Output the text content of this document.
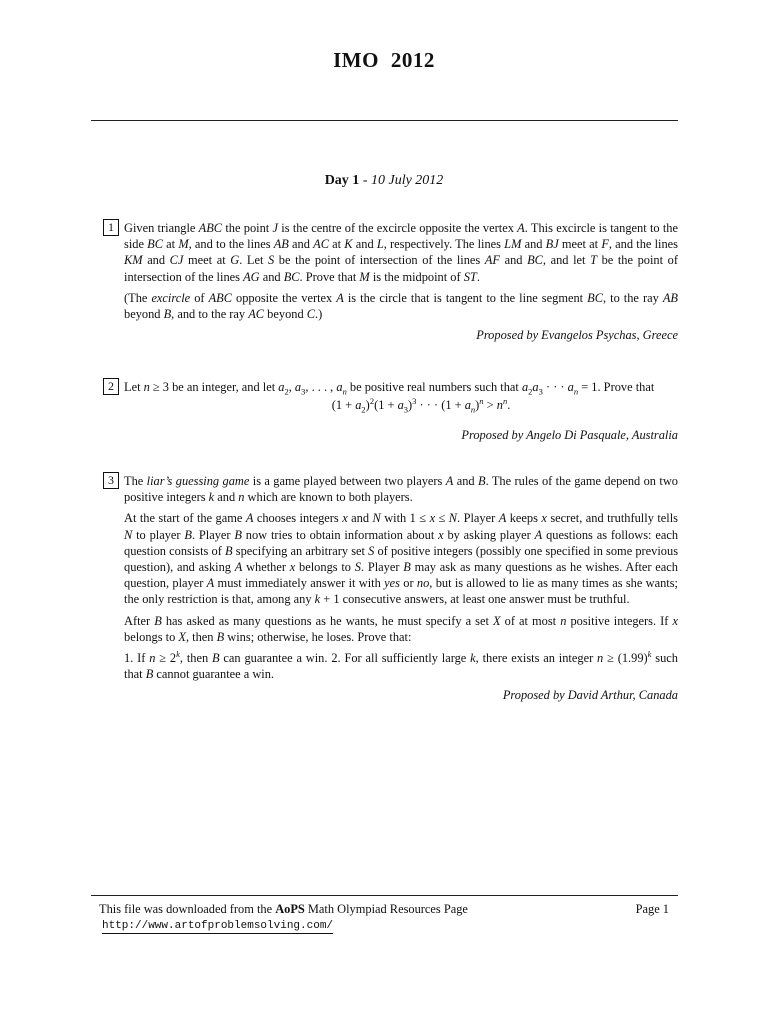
IMO 2012
Day 1 - 10 July 2012
1 Given triangle ABC the point J is the centre of the excircle opposite the vertex A. This excircle is tangent to the side BC at M, and to the lines AB and AC at K and L, respectively. The lines LM and BJ meet at F, and the lines KM and CJ meet at G. Let S be the point of intersection of the lines AF and BC, and let T be the point of intersection of the lines AG and BC. Prove that M is the midpoint of ST.

(The excircle of ABC opposite the vertex A is the circle that is tangent to the line segment BC, to the ray AB beyond B, and to the ray AC beyond C.)

Proposed by Evangelos Psychas, Greece
2 Let n ≥ 3 be an integer, and let $a_2$, $a_3$, . . . , $a_n$ be positive real numbers such that $a_2a_3$ · · · $a_n = 1$. Prove that

$(1 + a_2)^2(1 + a_3)^3$ · · · $(1 + a_n)^n > n^n$.
Proposed by Angelo Di Pasquale, Australia
3 The liar’s guessing game is a game played between two players A and B. The rules of the game depend on two positive integers k and n which are known to both players.

At the start of the game A chooses integers x and N with 1 ≤ x ≤ N. Player A keeps x secret, and truthfully tells N to player B. Player B now tries to obtain information about x by asking player A questions as follows: each question consists of B specifying an arbitrary set S of positive integers (possibly one specified in some previous question), and asking A whether x belongs to S. Player B may ask as many questions as he wishes. After each question, player A must immediately answer it with yes or no, but is allowed to lie as many times as she wants; the only restriction is that, among any k + 1 consecutive answers, at least one answer must be truthful.

After B has asked as many questions as he wants, he must specify a set X of at most n positive integers. If x belongs to X, then B wins; otherwise, he loses. Prove that:

1. If $n \ge 2^k$, then B can guarantee a win. 2. For all sufficiently large k, there exists an integer $n \ge (1.99)^k$ such that B cannot guarantee a win.

Proposed by David Arthur, Canada
This file was downloaded from the AoPS Math Olympiad Resources Page	Page 1
http://www.artofproblemsolving.com/
